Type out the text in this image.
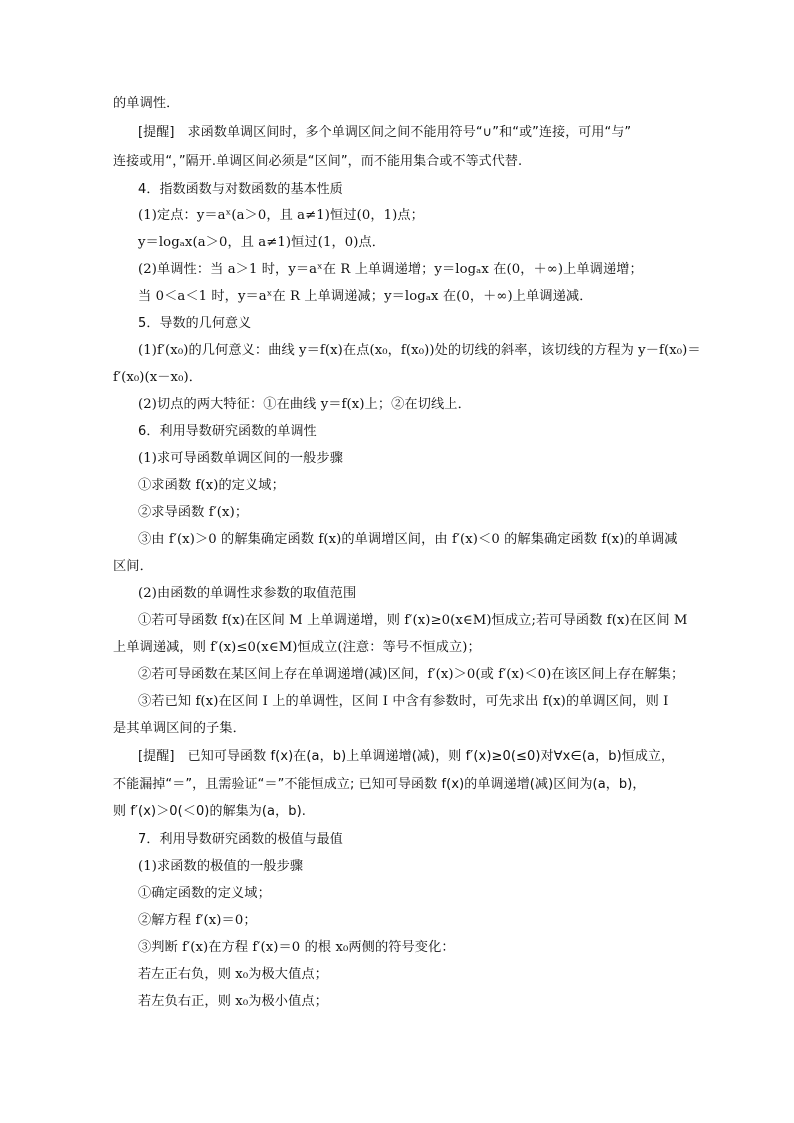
的单调性．
[提醒]　求函数单调区间时，多个单调区间之间不能用符号“∪”和“或”连接，可用“与”
连接或用“，”隔开.单调区间必须是“区间”，而不能用集合或不等式代替.
4．指数函数与对数函数的基本性质
(1)定点：y＝aˣ(a＞0，且 a≠1)恒过(0，1)点；
y＝logₐx(a＞0，且 a≠1)恒过(1，0)点．
(2)单调性：当 a＞1 时，y＝aˣ在 R 上单调递增；y＝logₐx 在(0，＋∞)上单调递增；
当 0＜a＜1 时，y＝aˣ在 R 上单调递减；y＝logₐx 在(0，＋∞)上单调递减．
5．导数的几何意义
(1)f′(x₀)的几何意义：曲线 y＝f(x)在点(x₀，f(x₀))处的切线的斜率，该切线的方程为 y－f(x₀)＝
f′(x₀)(x－x₀)．
(2)切点的两大特征：①在曲线 y＝f(x)上；②在切线上．
6．利用导数研究函数的单调性
(1)求可导函数单调区间的一般步骤
①求函数 f(x)的定义域；
②求导函数 f′(x)；
③由 f′(x)＞0 的解集确定函数 f(x)的单调增区间，由 f′(x)＜0 的解集确定函数 f(x)的单调减
区间．
(2)由函数的单调性求参数的取值范围
①若可导函数 f(x)在区间 M 上单调递增，则 f′(x)≥0(x∈M)恒成立;若可导函数 f(x)在区间 M
上单调递减，则 f′(x)≤0(x∈M)恒成立(注意：等号不恒成立)；
②若可导函数在某区间上存在单调递增(减)区间，f′(x)＞0(或 f′(x)＜0)在该区间上存在解集；
③若已知 f(x)在区间 I 上的单调性，区间 I 中含有参数时，可先求出 f(x)的单调区间，则 I
是其单调区间的子集．
[提醒]　已知可导函数 f(x)在(a，b)上单调递增(减)，则 f′(x)≥0(≤0)对∀x∈(a，b)恒成立，
不能漏掉“＝”，且需验证“＝”不能恒成立; 已知可导函数 f(x)的单调递增(减)区间为(a，b)，
则 f′(x)＞0(＜0)的解集为(a，b).
7．利用导数研究函数的极值与最值
(1)求函数的极值的一般步骤
①确定函数的定义域；
②解方程 f′(x)＝0；
③判断 f′(x)在方程 f′(x)＝0 的根 x₀两侧的符号变化：
若左正右负，则 x₀为极大值点；
若左负右正，则 x₀为极小值点；
